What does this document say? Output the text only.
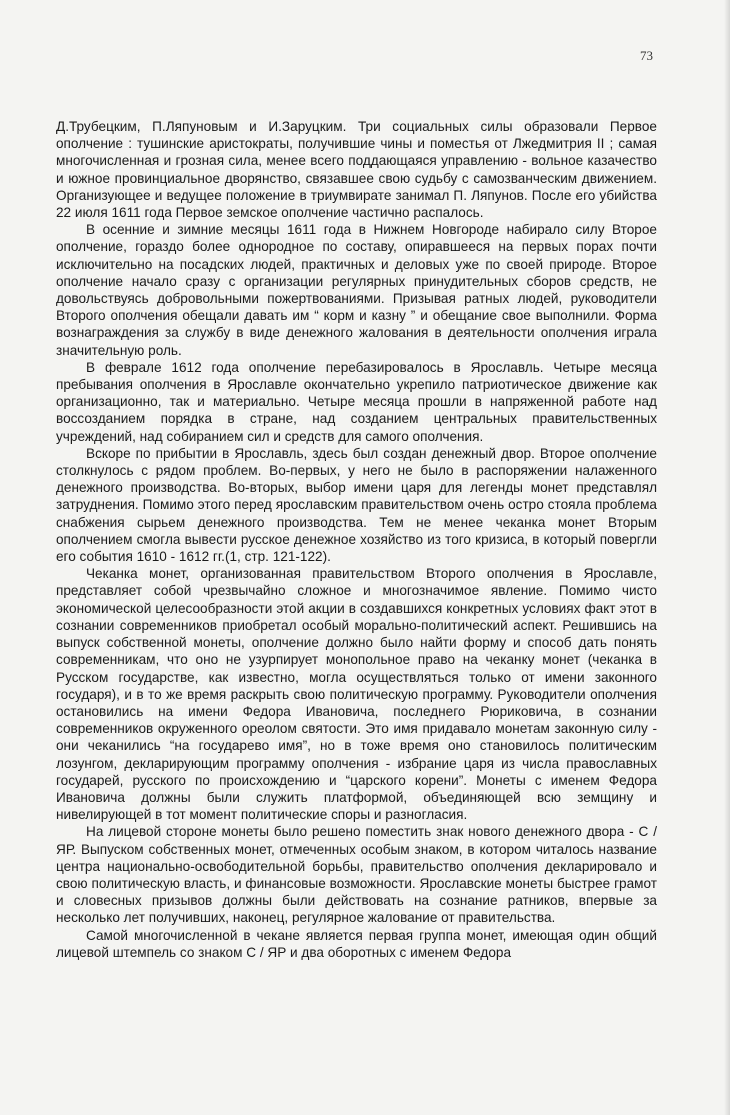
73

Д.Трубецким, П.Ляпуновым и И.Заруцким. Три социальных силы образовали Первое ополчение : тушинские аристократы, получившие чины и поместья от Лжедмитрия II ; самая многочисленная и грозная сила, менее всего поддающаяся управлению - вольное казачество и южное провинциальное дворянство, связавшее свою судьбу с самозванческим движением. Организующее и ведущее положение в триумвирате занимал П. Ляпунов. После его убийства 22 июля 1611 года Первое земское ополчение частично распалось.

В осенние и зимние месяцы 1611 года в Нижнем Новгороде набирало силу Второе ополчение, гораздо более однородное по составу, опиравшееся на первых порах почти исключительно на посадских людей, практичных и деловых уже по своей природе. Второе ополчение начало сразу с организации регулярных принудительных сборов средств, не довольствуясь добровольными пожертвованиями. Призывая ратных людей, руководители Второго ополчения обещали давать им “ корм и казну ” и обещание свое выполнили. Форма вознаграждения за службу в виде денежного жалования в деятельности ополчения играла значительную роль.

В феврале 1612 года ополчение перебазировалось в Ярославль. Четыре месяца пребывания ополчения в Ярославле окончательно укрепило патриотическое движение как организационно, так и материально. Четыре месяца прошли в напряженной работе над воссозданием порядка в стране, над созданием центральных правительственных учреждений, над собиранием сил и средств для самого ополчения.

Вскоре по прибытии в Ярославль, здесь был создан денежный двор. Второе ополчение столкнулось с рядом проблем. Во-первых, у него не было в распоряжении налаженного денежного производства. Во-вторых, выбор имени царя для легенды монет представлял затруднения. Помимо этого перед ярославским правительством очень остро стояла проблема снабжения сырьем денежного производства. Тем не менее чеканка монет Вторым ополчением смогла вывести русское денежное хозяйство из того кризиса, в который повергли его события 1610 - 1612 гг.(1, стр. 121-122).

Чеканка монет, организованная правительством Второго ополчения в Ярославле, представляет собой чрезвычайно сложное и многозначимое явление. Помимо чисто экономической целесообразности этой акции в создавшихся конкретных условиях факт этот в сознании современников приобретал особый морально-политический аспект. Решившись на выпуск собственной монеты, ополчение должно было найти форму и способ дать понять современникам, что оно не узурпирует монопольное право на чеканку монет (чеканка в Русском государстве, как известно, могла осуществляться только от имени законного государя), и в то же время раскрыть свою политическую программу. Руководители ополчения остановились на имени Федора Ивановича, последнего Рюриковича, в сознании современников окруженного ореолом святости. Это имя придавало монетам законную силу - они чеканились “на государево имя”, но в тоже время оно становилось политическим лозунгом, декларирующим программу ополчения - избрание царя из числа православных государей, русского по происхождению и “царского корени”. Монеты с именем Федора Ивановича должны были служить платформой, объединяющей всю земщину и нивелирующей в тот момент политические споры и разногласия.

На лицевой стороне монеты было решено поместить знак нового денежного двора - С / ЯР. Выпуском собственных монет, отмеченных особым знаком, в котором читалось название центра национально-освободительной борьбы, правительство ополчения декларировало и свою политическую власть, и финансовые возможности. Ярославские монеты быстрее грамот и словесных призывов должны были действовать на сознание ратников, впервые за несколько лет получивших, наконец, регулярное жалование от правительства.

Самой многочисленной в чекане является первая группа монет, имеющая один общий лицевой штемпель со знаком С / ЯР и два оборотных с именем Федора
